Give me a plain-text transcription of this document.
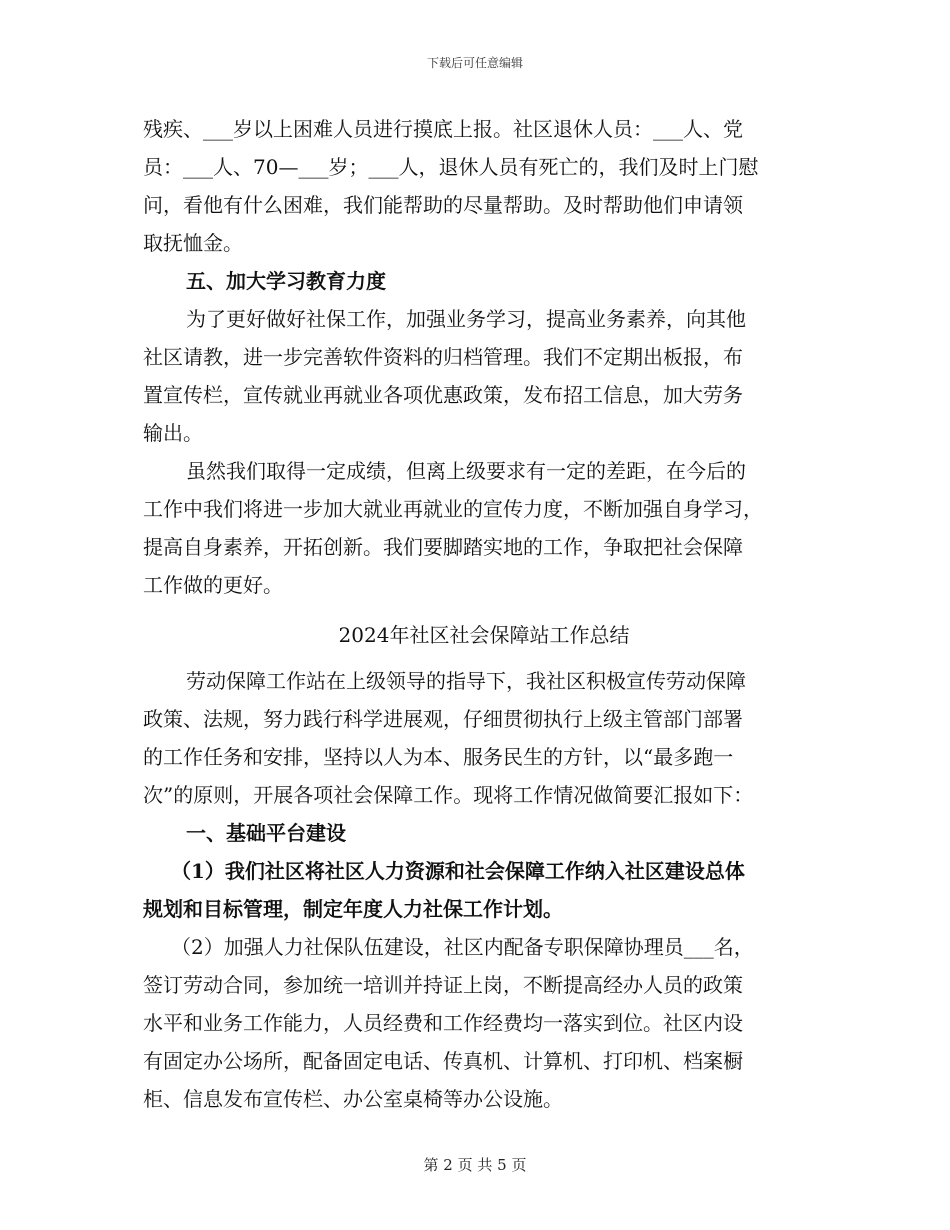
下载后可任意编辑
残疾、___岁以上困难人员进行摸底上报。社区退休人员：___人、党
员：___人、70—___岁；___人，退休人员有死亡的，我们及时上门慰
问，看他有什么困难，我们能帮助的尽量帮助。及时帮助他们申请领
取抚恤金。
五、加大学习教育力度
为了更好做好社保工作，加强业务学习，提高业务素养，向其他
社区请教，进一步完善软件资料的归档管理。我们不定期出板报，布
置宣传栏，宣传就业再就业各项优惠政策，发布招工信息，加大劳务
输出。
虽然我们取得一定成绩，但离上级要求有一定的差距，在今后的
工作中我们将进一步加大就业再就业的宣传力度，不断加强自身学习，
提高自身素养，开拓创新。我们要脚踏实地的工作，争取把社会保障
工作做的更好。
2024年社区社会保障站工作总结
劳动保障工作站在上级领导的指导下，我社区积极宣传劳动保障
政策、法规，努力践行科学进展观，仔细贯彻执行上级主管部门部署
的工作任务和安排，坚持以人为本、服务民生的方针，以“最多跑一
次”的原则，开展各项社会保障工作。现将工作情况做简要汇报如下：
一、基础平台建设
（1）我们社区将社区人力资源和社会保障工作纳入社区建设总体
规划和目标管理，制定年度人力社保工作计划。
（2）加强人力社保队伍建设，社区内配备专职保障协理员___名，
签订劳动合同，参加统一培训并持证上岗，不断提高经办人员的政策
水平和业务工作能力，人员经费和工作经费均一落实到位。社区内设
有固定办公场所，配备固定电话、传真机、计算机、打印机、档案橱
柜、信息发布宣传栏、办公室桌椅等办公设施。
第 2 页 共 5 页
